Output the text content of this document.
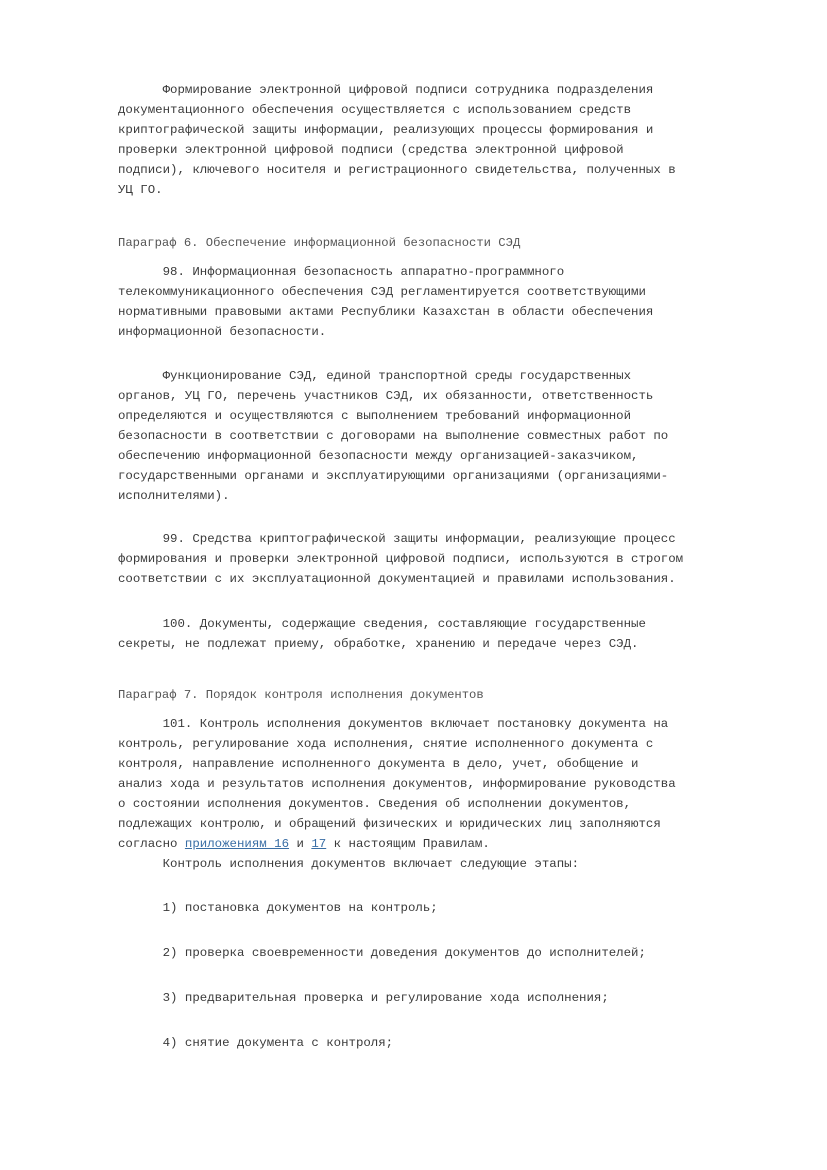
Формирование электронной цифровой подписи сотрудника подразделения
документационного обеспечения осуществляется с использованием средств
криптографической защиты информации, реализующих процессы формирования и
проверки электронной цифровой подписи (средства электронной цифровой
подписи), ключевого носителя и регистрационного свидетельства, полученных в
УЦ ГО.

Параграф 6. Обеспечение информационной безопасности СЭД

98. Информационная безопасность аппаратно-программного
телекоммуникационного обеспечения СЭД регламентируется соответствующими
нормативными правовыми актами Республики Казахстан в области обеспечения
информационной безопасности.

Функционирование СЭД, единой транспортной среды государственных
органов, УЦ ГО, перечень участников СЭД, их обязанности, ответственность
определяются и осуществляются с выполнением требований информационной
безопасности в соответствии с договорами на выполнение совместных работ по
обеспечению информационной безопасности между организацией-заказчиком,
государственными органами и эксплуатирующими организациями (организациями-
исполнителями).

99. Средства криптографической защиты информации, реализующие процесс
формирования и проверки электронной цифровой подписи, используются в строгом
соответствии с их эксплуатационной документацией и правилами использования.

100. Документы, содержащие сведения, составляющие государственные
секреты, не подлежат приему, обработке, хранению и передаче через СЭД.

Параграф 7. Порядок контроля исполнения документов

101. Контроль исполнения документов включает постановку документа на
контроль, регулирование хода исполнения, снятие исполненного документа с
контроля, направление исполненного документа в дело, учет, обобщение и
анализ хода и результатов исполнения документов, информирование руководства
о состоянии исполнения документов. Сведения об исполнении документов,
подлежащих контролю, и обращений физических и юридических лиц заполняются

согласно приложениям 16 и 17 к настоящим Правилам.

Контроль исполнения документов включает следующие этапы:

1) постановка документов на контроль;

2) проверка своевременности доведения документов до исполнителей;

3) предварительная проверка и регулирование хода исполнения;

4) снятие документа с контроля;
